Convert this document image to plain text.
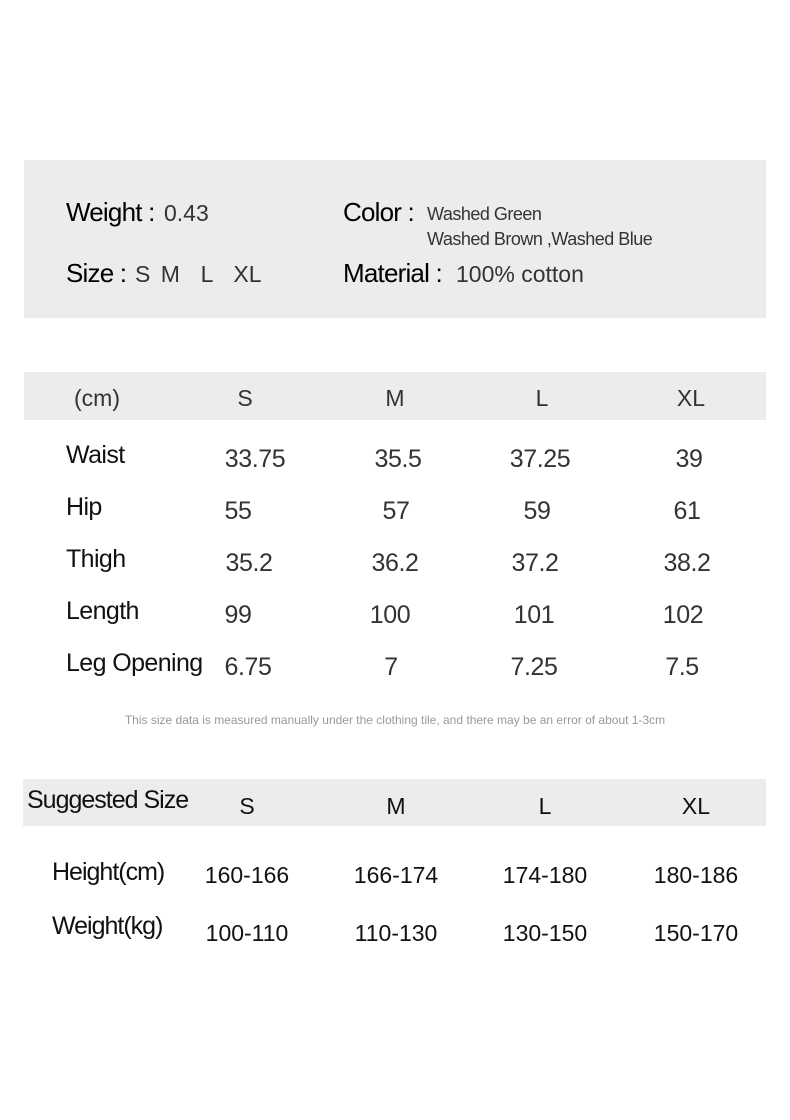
Weight : 0.43	Color : Washed Green
Washed Brown ,Washed Blue
Size : S M  L  XL	Material : 100% cotton
(cm)	S	M	L	XL
Waist	33.75	35.5	37.25	39
Hip	55	57	59	61
Thigh	35.2	36.2	37.2	38.2
Length	99	100	101	102
Leg Opening 6.75	7	7.25	7.5
This size data is measured manually under the clothing tile, and there may be an error of about 1-3cm
Suggested Size S	M	L	XL
Height(cm) 160-166	166-174	174-180	180-186
Weight(kg) 100-110	110-130	130-150	150-170
